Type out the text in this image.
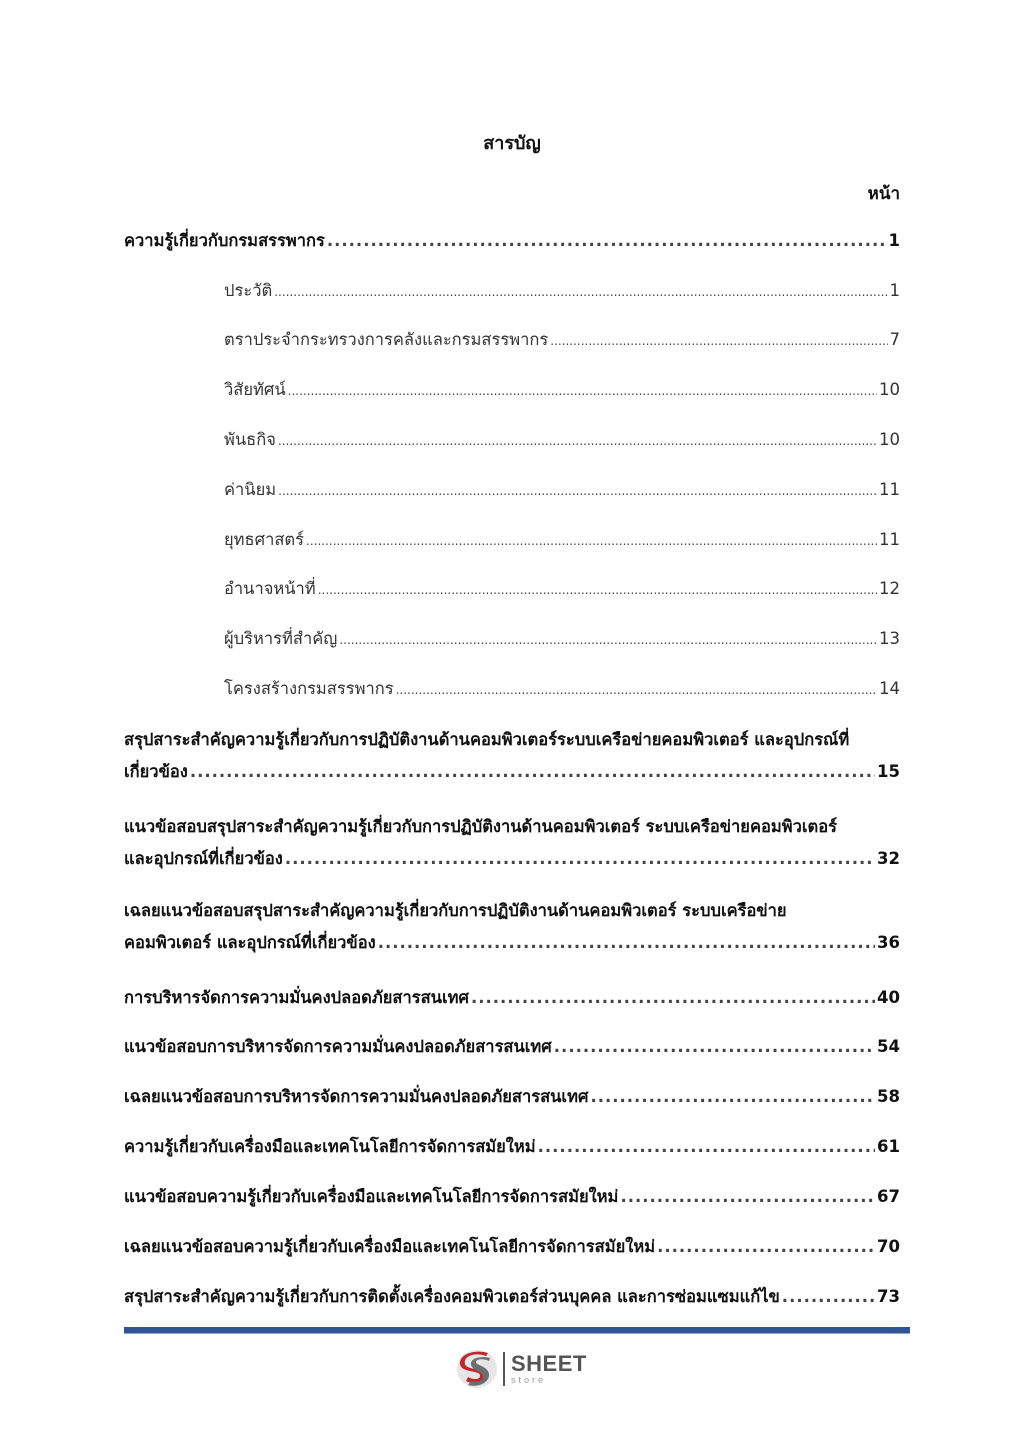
สารบัญ
หน้า
ความรู้เกี่ยวกับกรมสรรพากร .....	1
ประวัติ .....	1
ตราประจำกระทรวงการคลังและกรมสรรพากร .....	7
วิสัยทัศน์ .....	10
พันธกิจ .....	10
ค่านิยม .....	11
ยุทธศาสตร์ .....	11
อำนาจหน้าที่ .....	12
ผู้บริหารที่สำคัญ .....	13
โครงสร้างกรมสรรพากร .....	14
สรุปสาระสำคัญความรู้เกี่ยวกับการปฏิบัติงานด้านคอมพิวเตอร์ระบบเครือข่ายคอมพิวเตอร์ และอุปกรณ์ที่
เกี่ยวข้อง .....	15
แนวข้อสอบสรุปสาระสำคัญความรู้เกี่ยวกับการปฏิบัติงานด้านคอมพิวเตอร์ ระบบเครือข่ายคอมพิวเตอร์
และอุปกรณ์ที่เกี่ยวข้อง .....	32
เฉลยแนวข้อสอบสรุปสาระสำคัญความรู้เกี่ยวกับการปฏิบัติงานด้านคอมพิวเตอร์ ระบบเครือข่าย
คอมพิวเตอร์ และอุปกรณ์ที่เกี่ยวข้อง .....	36
การบริหารจัดการความมั่นคงปลอดภัยสารสนเทศ .....	40
แนวข้อสอบการบริหารจัดการความมั่นคงปลอดภัยสารสนเทศ .....	54
เฉลยแนวข้อสอบการบริหารจัดการความมั่นคงปลอดภัยสารสนเทศ .....	58
ความรู้เกี่ยวกับเครื่องมือและเทคโนโลยีการจัดการสมัยใหม่ .....	61
แนวข้อสอบความรู้เกี่ยวกับเครื่องมือและเทคโนโลยีการจัดการสมัยใหม่ .....	67
เฉลยแนวข้อสอบความรู้เกี่ยวกับเครื่องมือและเทคโนโลยีการจัดการสมัยใหม่ .....	70
สรุปสาระสำคัญความรู้เกี่ยวกับการติดตั้งเครื่องคอมพิวเตอร์ส่วนบุคคล และการซ่อมแซมแก้ไข .....	73
SHEET
store
